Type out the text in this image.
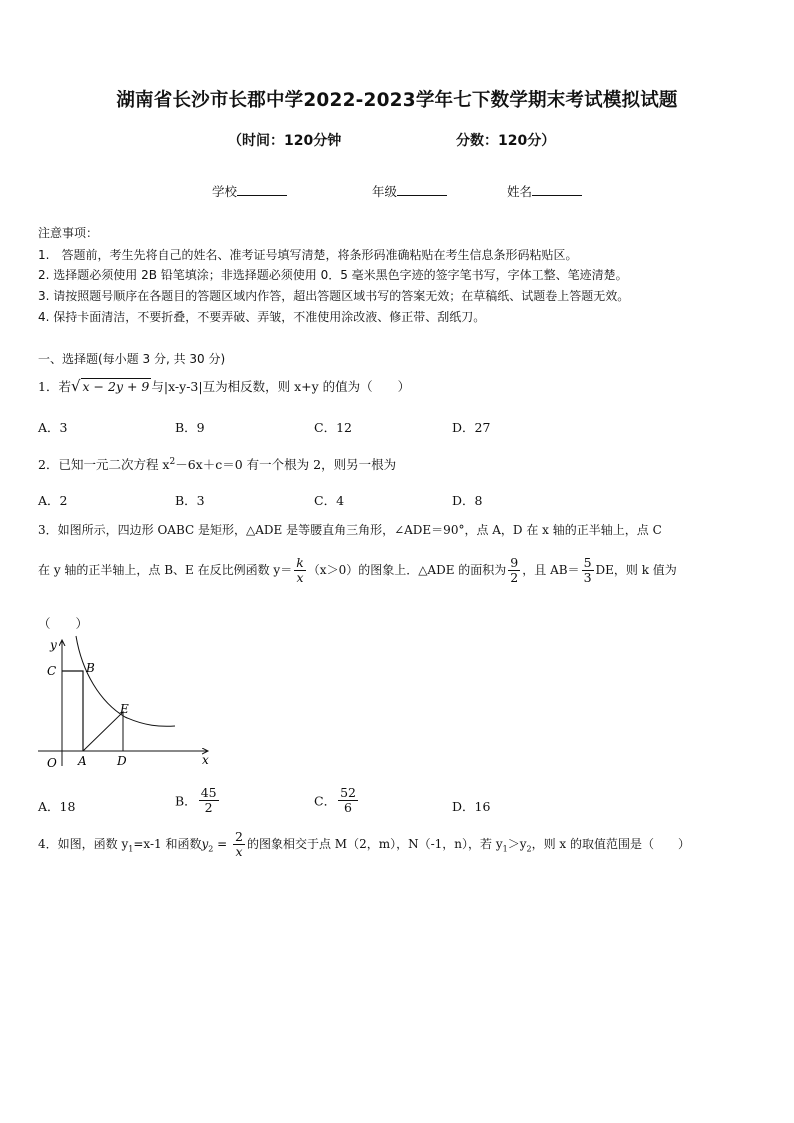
湖南省长沙市长郡中学2022-2023学年七下数学期末考试模拟试题
（时间：120分钟	分数：120分）
学校	年级	姓名
注意事项：
1.　答题前，考生先将自己的姓名、准考证号填写清楚，将条形码准确粘贴在考生信息条形码粘贴区。
2. 选择题必须使用 2B 铅笔填涂；非选择题必须使用 0．5 毫米黑色字迹的签字笔书写，字体工整、笔迹清楚。
3. 请按照题号顺序在各题目的答题区域内作答，超出答题区域书写的答案无效；在草稿纸、试题卷上答题无效。
4. 保持卡面清洁，不要折叠，不要弄破、弄皱，不准使用涂改液、修正带、刮纸刀。
一、选择题(每小题 3 分, 共 30 分)
1．若√ x − 2y + 9 与|x-y-3|互为相反数，则 x+y 的值为（　　）
A．3	B．9	C．12	D．27
2．已知一元二次方程 $x^2-6x+c=0$ 有一个根为 2，则另一根为
A．2	B．3	C．4	D．8
3．如图所示，四边形 OABC 是矩形，△ADE 是等腰直角三角形，∠ADE＝90°，点 A，D 在 x 轴的正半轴上，点 C
在 y 轴的正半轴上，点 B、E 在反比例函数 $y= \frac{k}{x} (x>0)$的图象上．△ADE 的面积为 $\frac{9}{2}$ ，且 $AB= \frac{5}{3}$ DE，则 k 值为
（　　）
y
x
O A	D
C B
E
A．18	B． $\frac{45}{2}$	C． $\frac{52}{6}$	D．16
4．如图，函数 $y_1=x-1$ 和函数$y_2 = \frac{2}{x}$ 的图象相交于点 M（2，m），N（-1，n），若 $y_1>y_2$，则 x 的取值范围是（　　）
